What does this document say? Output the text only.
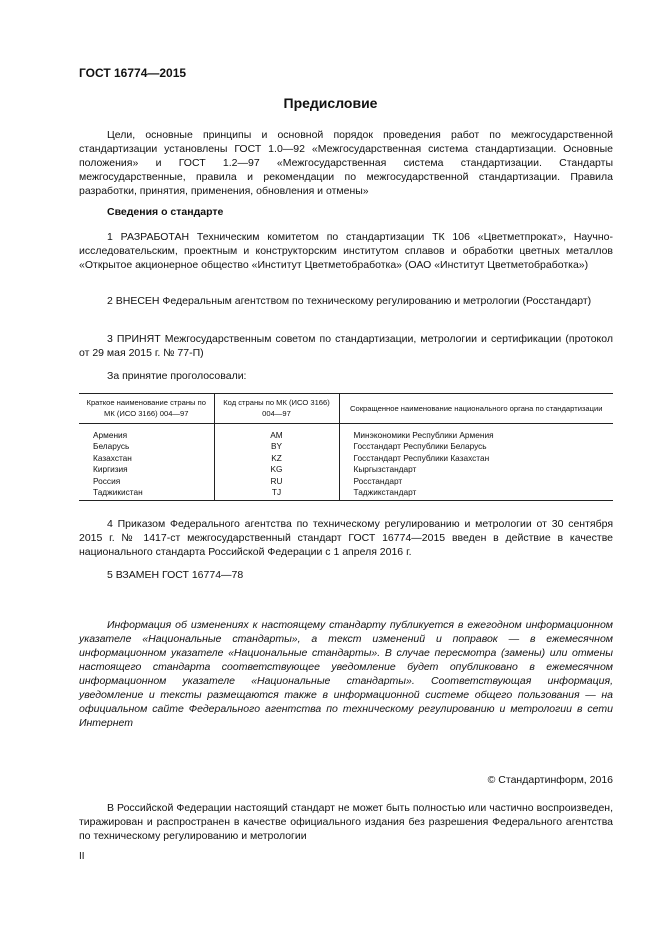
ГОСТ 16774—2015
Предисловие
Цели, основные принципы и основной порядок проведения работ по межгосударственной стандартизации установлены ГОСТ 1.0—92 «Межгосударственная система стандартизации. Основные положения» и ГОСТ 1.2—97 «Межгосударственная система стандартизации. Стандарты межгосударственные, правила и рекомендации по межгосударственной стандартизации. Правила разработки, принятия, применения, обновления и отмены»
Сведения о стандарте
1 РАЗРАБОТАН Техническим комитетом по стандартизации ТК 106 «Цветметпрокат», Научно-исследовательским, проектным и конструкторским институтом сплавов и обработки цветных металлов «Открытое акционерное общество «Институт Цветметобработка» (ОАО «Институт Цветметобработка»)
2 ВНЕСЕН Федеральным агентством по техническому регулированию и метрологии (Росстандарт)
3 ПРИНЯТ Межгосударственным советом по стандартизации, метрологии и сертификации (протокол от 29 мая 2015 г. № 77-П)
За принятие проголосовали:
Краткое наименование страны по МК (ИСО 3166) 004—97	Код страны по МК (ИСО 3166) 004—97	Сокращенное наименование национального органа по стандартизации
Армения	AM	Минэкономики Республики Армения
Беларусь	BY	Госстандарт Республики Беларусь
Казахстан	KZ	Госстандарт Республики Казахстан
Киргизия	KG	Кыргызстандарт
Россия	RU	Росстандарт
Таджикистан	TJ	Таджикстандарт
4 Приказом Федерального агентства по техническому регулированию и метрологии от 30 сентября 2015 г. № 1417-ст межгосударственный стандарт ГОСТ 16774—2015 введен в действие в качестве национального стандарта Российской Федерации с 1 апреля 2016 г.
5 ВЗАМЕН ГОСТ 16774—78
Информация об изменениях к настоящему стандарту публикуется в ежегодном информационном указателе «Национальные стандарты», а текст изменений и поправок — в ежемесячном информационном указателе «Национальные стандарты». В случае пересмотра (замены) или отмены настоящего стандарта соответствующее уведомление будет опубликовано в ежемесячном информационном указателе «Национальные стандарты». Соответствующая информация, уведомление и тексты размещаются также в информационной системе общего пользования — на официальном сайте Федерального агентства по техническому регулированию и метрологии в сети Интернет
© Стандартинформ, 2016
В Российской Федерации настоящий стандарт не может быть полностью или частично воспроизведен, тиражирован и распространен в качестве официального издания без разрешения Федерального агентства по техническому регулированию и метрологии
II
